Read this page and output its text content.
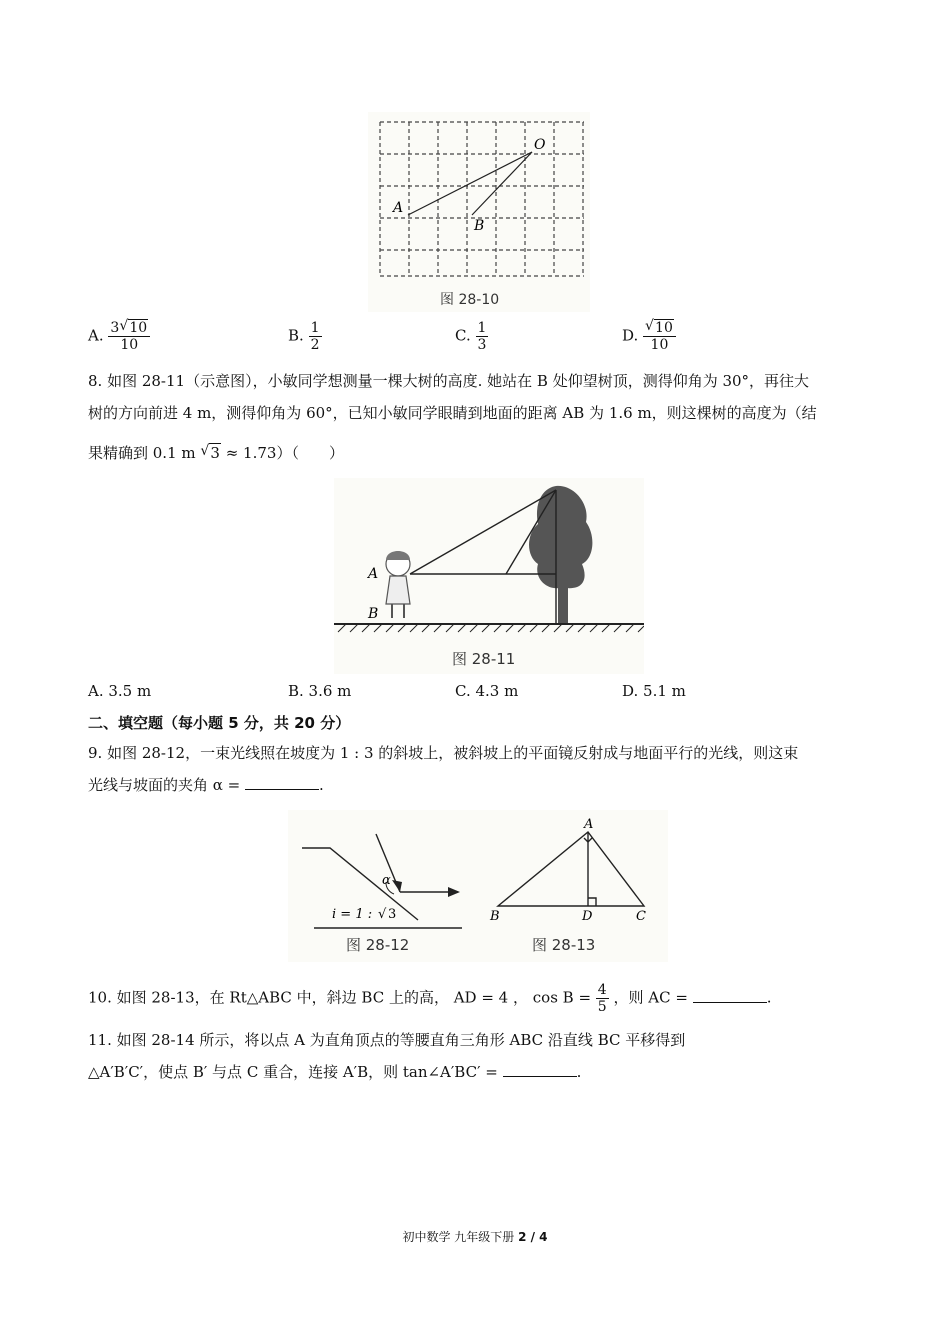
O
A
B
图 28-10
A. $\frac{3 √ 10}{10}$	B. $\frac{1}{2}$	C. $\frac{1}{3}$	D. √ $\frac{10}{10}$
8. 如图 28-11（示意图），小敏同学想测量一棵大树的高度. 她站在 B 处仰望树顶，测得仰角为 30°，再往大
树的方向前进 4 m，测得仰角为 60°，已知小敏同学眼睛到地面的距离 AB 为 1.6 m，则这棵树的高度为（结
果精确到 0.1 m √ 3 ≈ 1.73）（　　）
A
B
图 28-11
A. 3.5 m	B. 3.6 m	C. 4.3 m	D. 5.1 m
二、填空题（每小题 5 分，共 20 分）
9. 如图 28-12，一束光线照在坡度为 1 : 3 的斜坡上，被斜坡上的平面镜反射成与地面平行的光线，则这束
光线与坡面的夹角 α =	.
α
i = 1 : √ 3
图 28-12
A
B	D	C
图 28-13
10. 如图 28-13，在 Rt△ABC 中，斜边 BC 上的高， AD = 4 ， $\cos B = \frac{4}{5}$ ，则 AC =	.
11. 如图 28-14 所示，将以点 A 为直角顶点的等腰直角三角形 ABC 沿直线 BC 平移得到
△A′B′C′，使点 B′ 与点 C 重合，连接 A′B，则 tan∠A′BC′ =	.
初中数学 九年级下册 2 / 4
